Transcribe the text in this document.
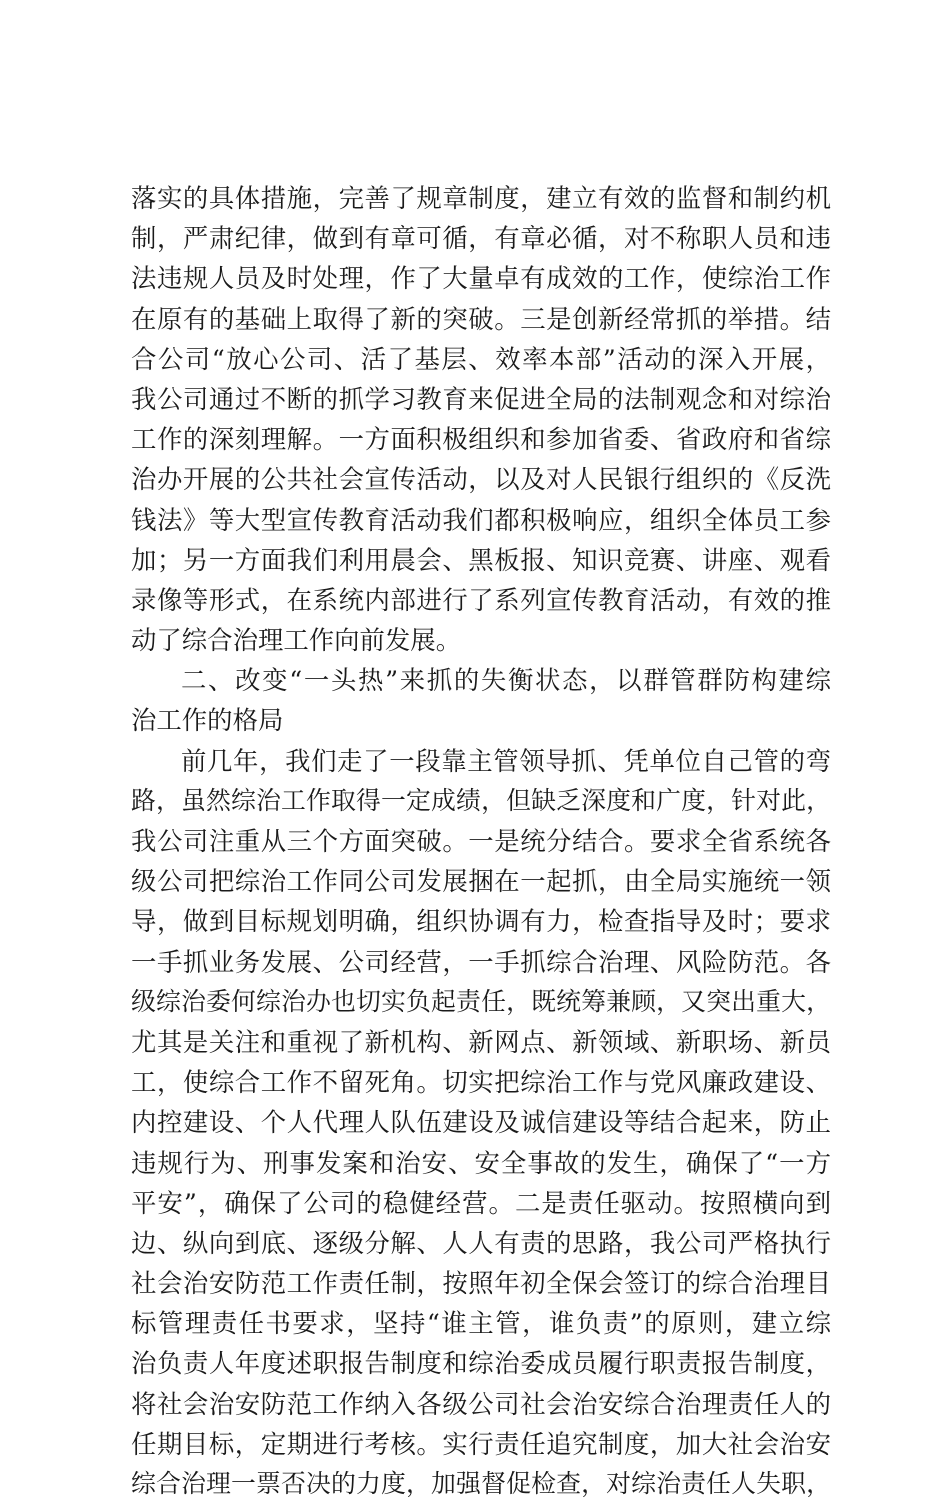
落实的具体措施，完善了规章制度，建立有效的监督和制约机
制，严肃纪律，做到有章可循，有章必循，对不称职人员和违
法违规人员及时处理，作了大量卓有成效的工作，使综治工作
在原有的基础上取得了新的突破。三是创新经常抓的举措。结
合公司“放心公司、活了基层、效率本部”活动的深入开展，
我公司通过不断的抓学习教育来促进全局的法制观念和对综治
工作的深刻理解。一方面积极组织和参加省委、省政府和省综
治办开展的公共社会宣传活动，以及对人民银行组织的《反洗
钱法》等大型宣传教育活动我们都积极响应，组织全体员工参
加；另一方面我们利用晨会、黑板报、知识竞赛、讲座、观看
录像等形式，在系统内部进行了系列宣传教育活动，有效的推
动了综合治理工作向前发展。
二、改变“一头热”来抓的失衡状态，以群管群防构建综
治工作的格局
前几年，我们走了一段靠主管领导抓、凭单位自己管的弯
路，虽然综治工作取得一定成绩，但缺乏深度和广度，针对此，
我公司注重从三个方面突破。一是统分结合。要求全省系统各
级公司把综治工作同公司发展捆在一起抓，由全局实施统一领
导，做到目标规划明确，组织协调有力，检查指导及时；要求
一手抓业务发展、公司经营，一手抓综合治理、风险防范。各
级综治委何综治办也切实负起责任，既统筹兼顾，又突出重大，
尤其是关注和重视了新机构、新网点、新领域、新职场、新员
工，使综合工作不留死角。切实把综治工作与党风廉政建设、
内控建设、个人代理人队伍建设及诚信建设等结合起来，防止
违规行为、刑事发案和治安、安全事故的发生，确保了“一方
平安”，确保了公司的稳健经营。二是责任驱动。按照横向到
边、纵向到底、逐级分解、人人有责的思路，我公司严格执行
社会治安防范工作责任制，按照年初全保会签订的综合治理目
标管理责任书要求，坚持“谁主管，谁负责”的原则，建立综
治负责人年度述职报告制度和综治委成员履行职责报告制度，
将社会治安防范工作纳入各级公司社会治安综合治理责任人的
任期目标，定期进行考核。实行责任追究制度，加大社会治安
综合治理一票否决的力度，加强督促检查，对综治责任人失职，
